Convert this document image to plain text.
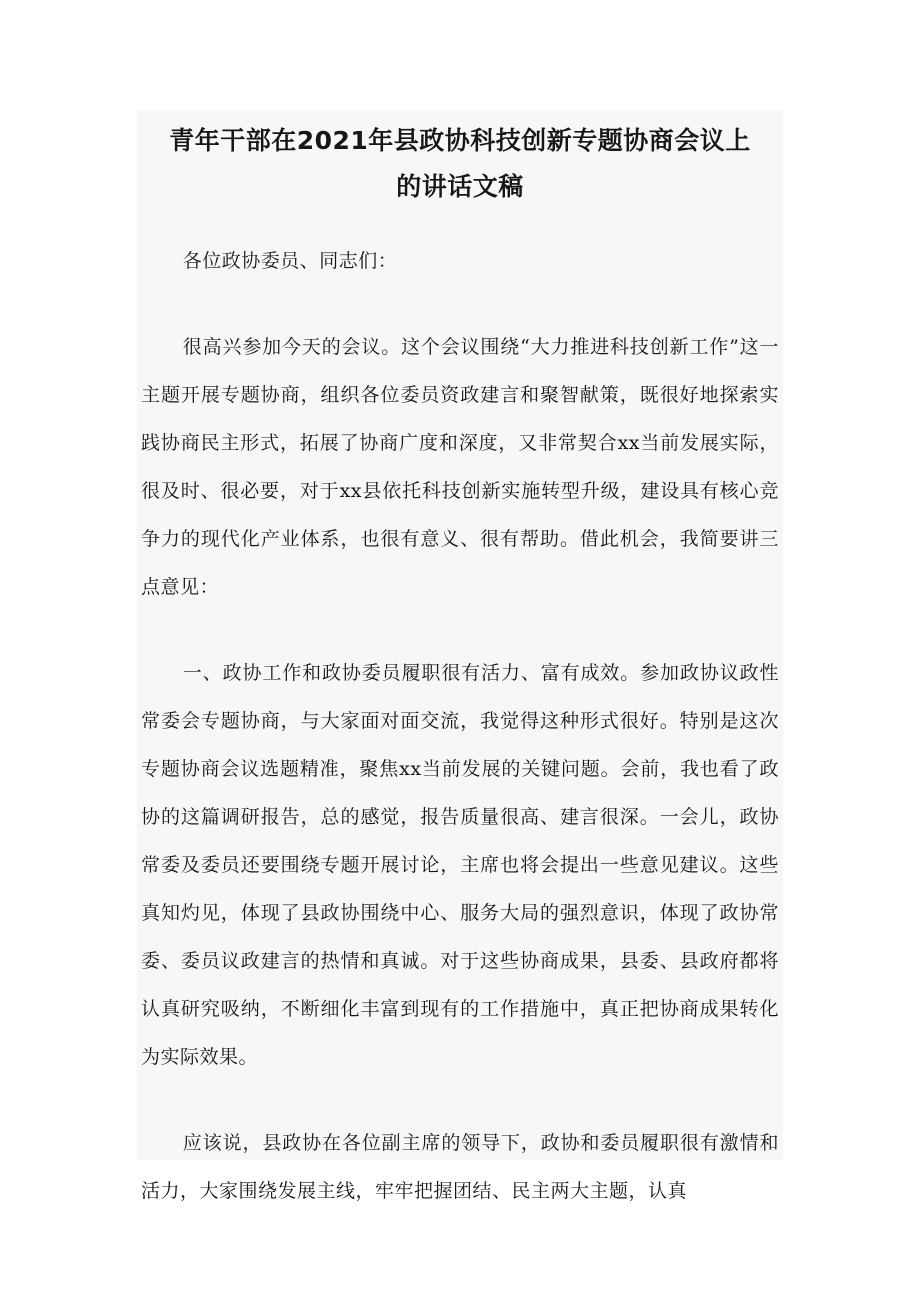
青年干部在2021年县政协科技创新专题协商会议上
的讲话文稿

各位政协委员、同志们：

很高兴参加今天的会议。这个会议围绕“大力推进科技创新工作”这一主题开展专题协商，组织各位委员资政建言和聚智献策，既很好地探索实践协商民主形式，拓展了协商广度和深度，又非常契合xx当前发展实际，很及时、很必要，对于xx县依托科技创新实施转型升级，建设具有核心竞争力的现代化产业体系，也很有意义、很有帮助。借此机会，我简要讲三点意见：

一、政协工作和政协委员履职很有活力、富有成效。参加政协议政性常委会专题协商，与大家面对面交流，我觉得这种形式很好。特别是这次专题协商会议选题精准，聚焦xx当前发展的关键问题。会前，我也看了政协的这篇调研报告，总的感觉，报告质量很高、建言很深。一会儿，政协常委及委员还要围绕专题开展讨论，主席也将会提出一些意见建议。这些真知灼见，体现了县政协围绕中心、服务大局的强烈意识，体现了政协常委、委员议政建言的热情和真诚。对于这些协商成果，县委、县政府都将认真研究吸纳，不断细化丰富到现有的工作措施中，真正把协商成果转化为实际效果。

应该说，县政协在各位副主席的领导下，政协和委员履职很有激情和活力，大家围绕发展主线，牢牢把握团结、民主两大主题，认真
